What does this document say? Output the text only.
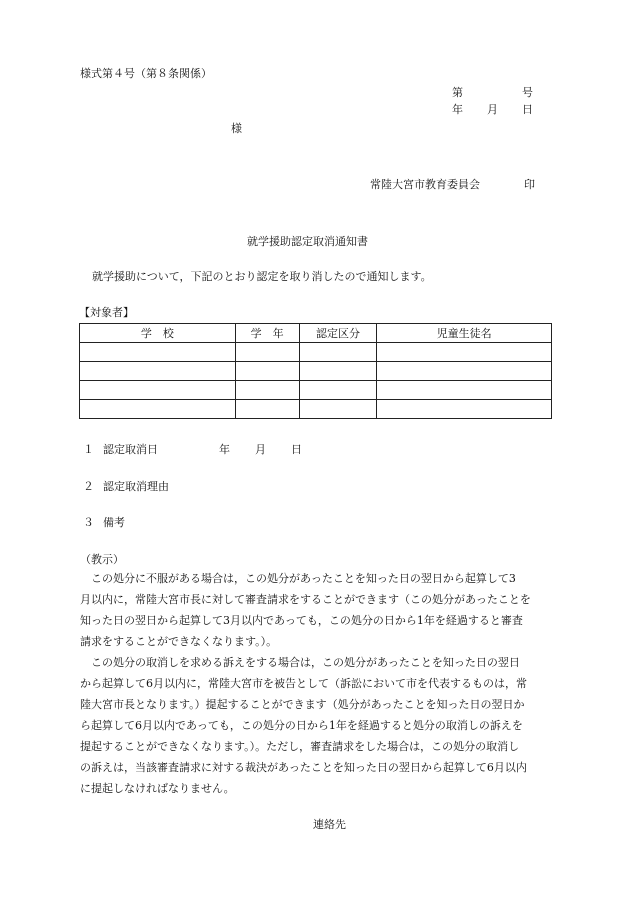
様式第４号（第８条関係）
第	号
年 月 日
様
常陸大宮市教育委員会	印
就学援助認定取消通知書
就学援助について，下記のとおり認定を取り消したので通知します。
【対象者】
学　校	学　年	認定区分	児童生徒名

１ 認定取消日	年 月 日
２ 認定取消理由
３ 備考
（教示）
この処分に不服がある場合は，この処分があったことを知った日の翌日から起算して3
月以内に，常陸大宮市長に対して審査請求をすることができます（この処分があったことを
知った日の翌日から起算して3月以内であっても，この処分の日から1年を経過すると審査
請求をすることができなくなります。）。
この処分の取消しを求める訴えをする場合は，この処分があったことを知った日の翌日
から起算して6月以内に，常陸大宮市を被告として（訴訟において市を代表するものは，常
陸大宮市長となります。）提起することができます（処分があったことを知った日の翌日か
ら起算して6月以内であっても，この処分の日から1年を経過すると処分の取消しの訴えを
提起することができなくなります。）。ただし，審査請求をした場合は，この処分の取消し
の訴えは，当該審査請求に対する裁決があったことを知った日の翌日から起算して6月以内
に提起しなければなりません。
連絡先
